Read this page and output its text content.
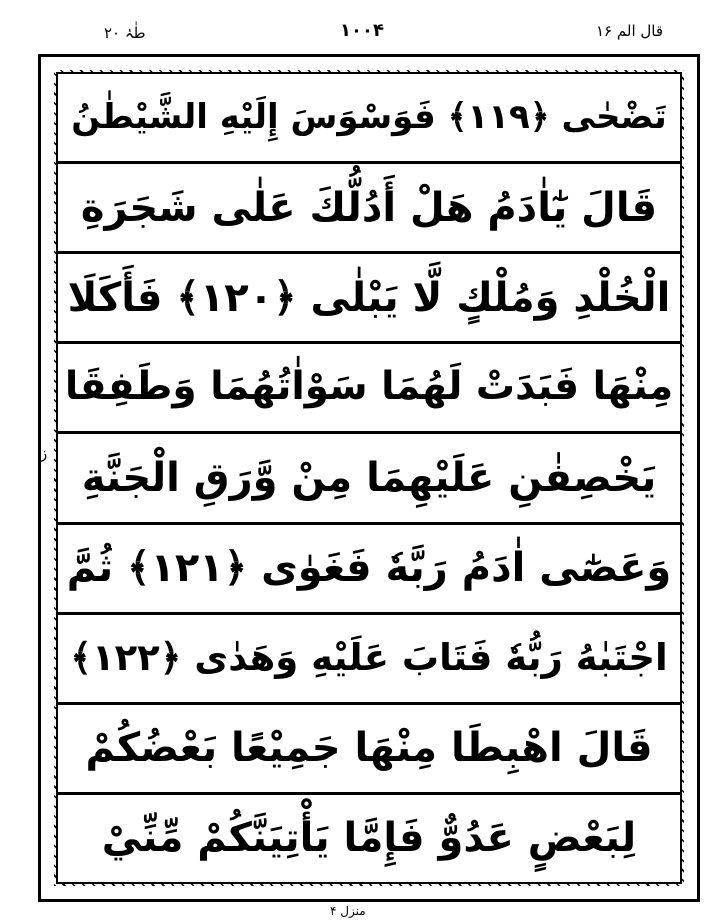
طٰہٰ ۲۰	۱۰۰۴	قال الم ۱۶
تَضْحٰى ﴿١١٩﴾ فَوَسْوَسَ إِلَيْهِ الشَّيْطٰنُ
قَالَ يٰٓاٰدَمُ هَلْ أَدُلُّكَ عَلٰى شَجَرَةِ
الْخُلْدِ وَمُلْكٍ لَّا يَبْلٰى ﴿١٢٠﴾ فَأَكَلَا
مِنْهَا فَبَدَتْ لَهُمَا سَوْاٰتُهُمَا وَطَفِقَا
يَخْصِفٰنِ عَلَيْهِمَا مِنْ وَّرَقِ الْجَنَّةِ
وَعَصٰٓى اٰدَمُ رَبَّهٗ فَغَوٰى ﴿١٢١﴾ ثُمَّ
اجْتَبٰهُ رَبُّهٗ فَتَابَ عَلَيْهِ وَهَدٰى ﴿١٢٢﴾
قَالَ اهْبِطَا مِنْهَا جَمِيْعًا بَعْضُكُمْ
لِبَعْضٍ عَدُوٌّ فَإِمَّا يَأْتِيَنَّكُمْ مِّنِّيْ
ز
منزل ۴
